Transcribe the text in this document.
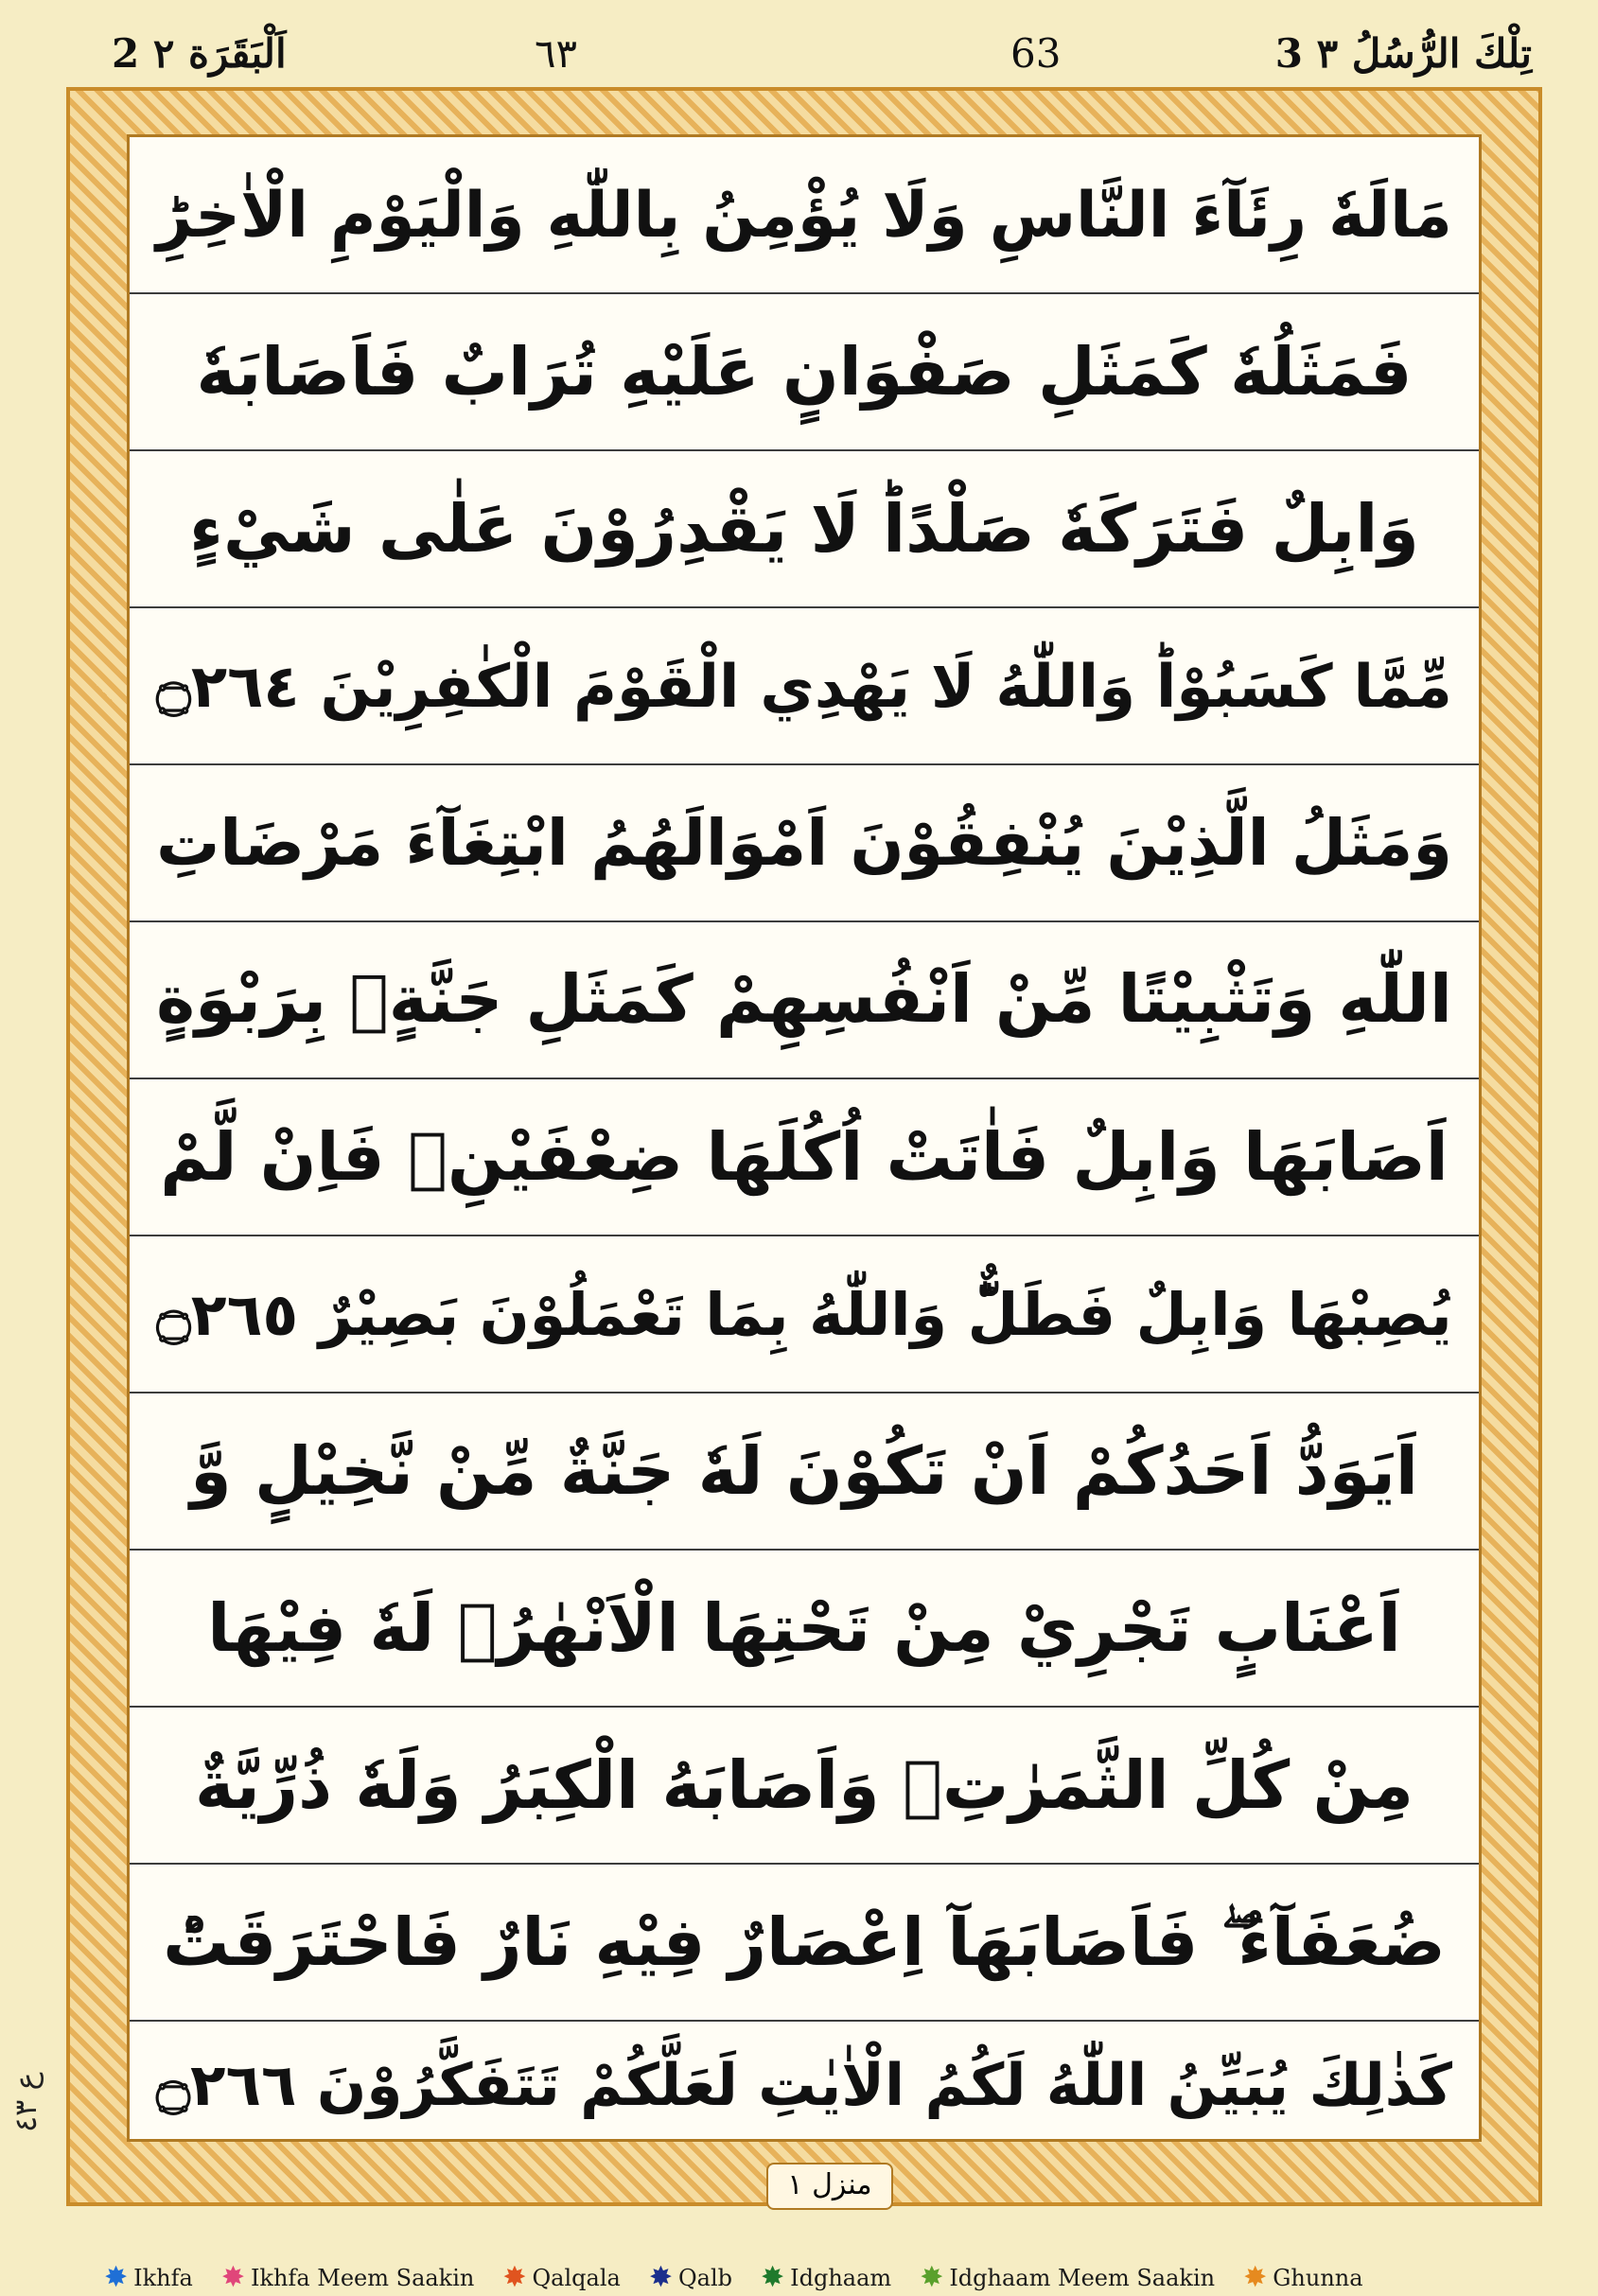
3 تِلْكَ الرُّسُلُ ٣
63
٦٣
2 اَلْبَقَرَة ٢
مَالَهٗ رِئَآءَ النَّاسِ وَلَا يُؤْمِنُ بِاللّٰهِ وَالْيَوْمِ الْاٰخِرِؕ
فَمَثَلُهٗ كَمَثَلِ صَفْوَانٍ عَلَيْهِ تُرَابٌ فَاَصَابَهٗ
وَابِلٌ فَتَرَكَهٗ صَلْدًاؕ لَا يَقْدِرُوْنَ عَلٰى شَيْءٍ
مِّمَّا كَسَبُوْاؕ وَاللّٰهُ لَا يَهْدِي الْقَوْمَ الْكٰفِرِيْنَ ۝٢٦٤
وَمَثَلُ الَّذِيْنَ يُنْفِقُوْنَ اَمْوَالَهُمُ ابْتِغَآءَ مَرْضَاتِ
اللّٰهِ وَتَثْبِيْتًا مِّنْ اَنْفُسِهِمْ كَمَثَلِ جَنَّةٍۭ بِرَبْوَةٍ
اَصَابَهَا وَابِلٌ فَاٰتَتْ اُكُلَهَا ضِعْفَيْنِۚ فَاِنْ لَّمْ
يُصِبْهَا وَابِلٌ فَطَلٌّؕ وَاللّٰهُ بِمَا تَعْمَلُوْنَ بَصِيْرٌ ۝٢٦٥
اَيَوَدُّ اَحَدُكُمْ اَنْ تَكُوْنَ لَهٗ جَنَّةٌ مِّنْ نَّخِيْلٍ وَّ
اَعْنَابٍ تَجْرِيْ مِنْ تَحْتِهَا الْاَنْهٰرُۙ لَهٗ فِيْهَا
مِنْ كُلِّ الثَّمَرٰتِۙ وَاَصَابَهُ الْكِبَرُ وَلَهٗ ذُرِّيَّةٌ
ضُعَفَآءُ ۖ فَاَصَابَهَآ اِعْصَارٌ فِيْهِ نَارٌ فَاحْتَرَقَتْؕ
كَذٰلِكَ يُبَيِّنُ اللّٰهُ لَكُمُ الْاٰيٰتِ لَعَلَّكُمْ تَتَفَكَّرُوْنَ ۝٢٦٦
منزل ۱
ع ٤٣
✸ Ikhfa ✸ Ikhfa Meem Saakin ✸ Qalqala ✸ Qalb ✸ Idghaam ✸ Idghaam Meem Saakin ✸ Ghunna
